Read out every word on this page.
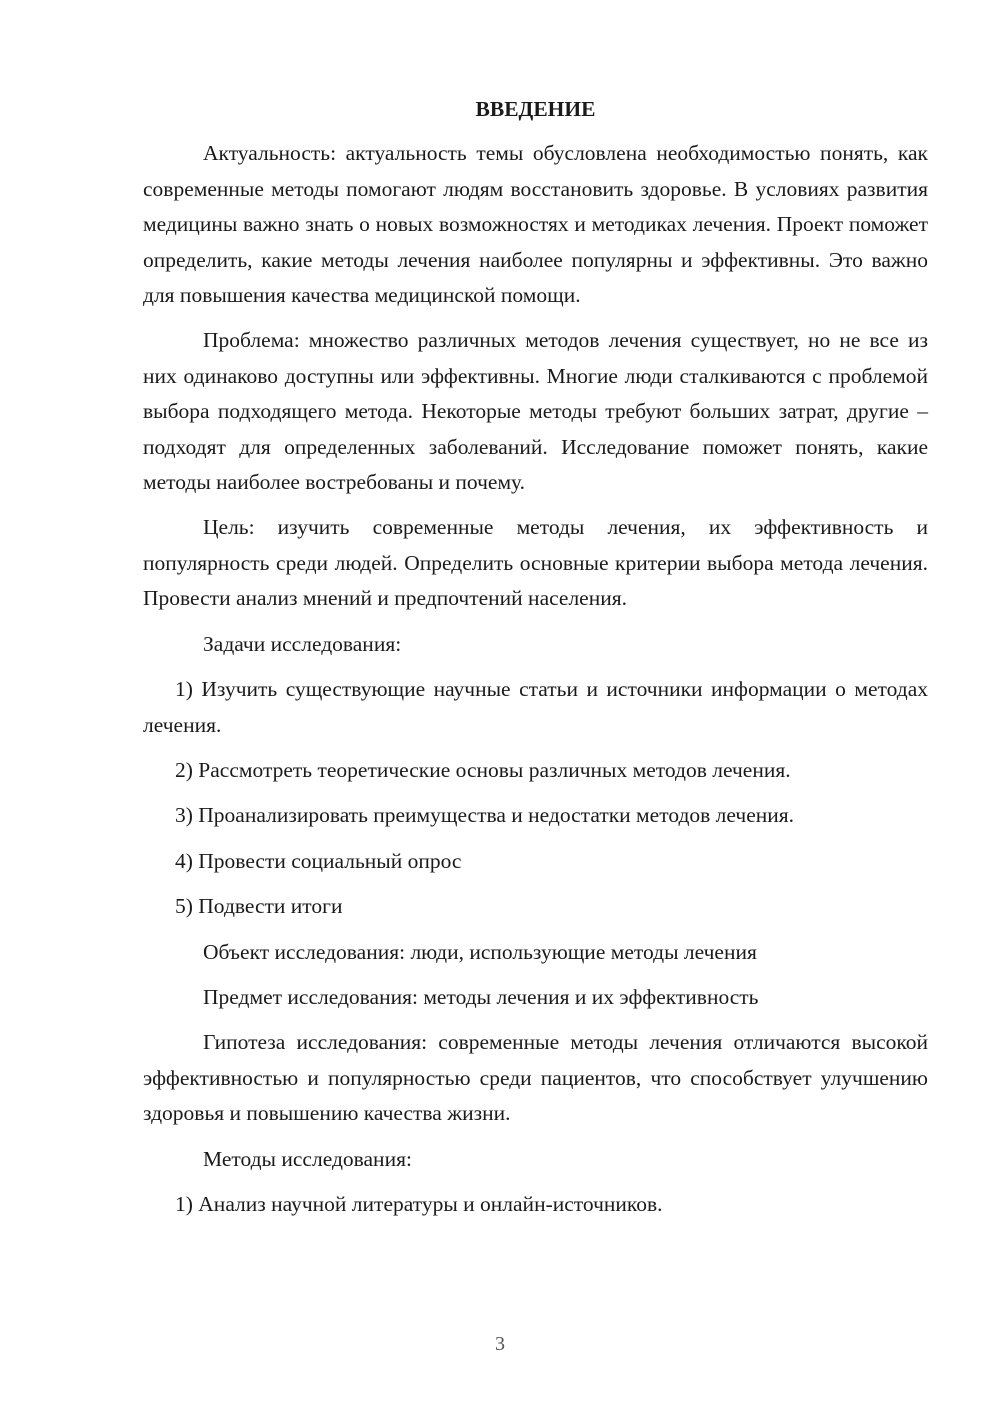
ВВЕДЕНИЕ

Актуальность: актуальность темы обусловлена необходимостью понять, как современные методы помогают людям восстановить здоровье. В условиях развития медицины важно знать о новых возможностях и методиках лечения. Проект поможет определить, какие методы лечения наиболее популярны и эффективны. Это важно для повышения качества медицинской помощи.

Проблема: множество различных методов лечения существует, но не все из них одинаково доступны или эффективны. Многие люди сталкиваются с проблемой выбора подходящего метода. Некоторые методы требуют больших затрат, другие – подходят для определенных заболеваний. Исследование поможет понять, какие методы наиболее востребованы и почему.

Цель: изучить современные методы лечения, их эффективность и популярность среди людей. Определить основные критерии выбора метода лечения. Провести анализ мнений и предпочтений населения.

Задачи исследования:

1) Изучить существующие научные статьи и источники информации о методах лечения.

2) Рассмотреть теоретические основы различных методов лечения.

3) Проанализировать преимущества и недостатки методов лечения.

4) Провести социальный опрос

5) Подвести итоги

Объект исследования: люди, использующие методы лечения

Предмет исследования: методы лечения и их эффективность

Гипотеза исследования: современные методы лечения отличаются высокой эффективностью и популярностью среди пациентов, что способствует улучшению здоровья и повышению качества жизни.

Методы исследования:

1) Анализ научной литературы и онлайн-источников.

3
